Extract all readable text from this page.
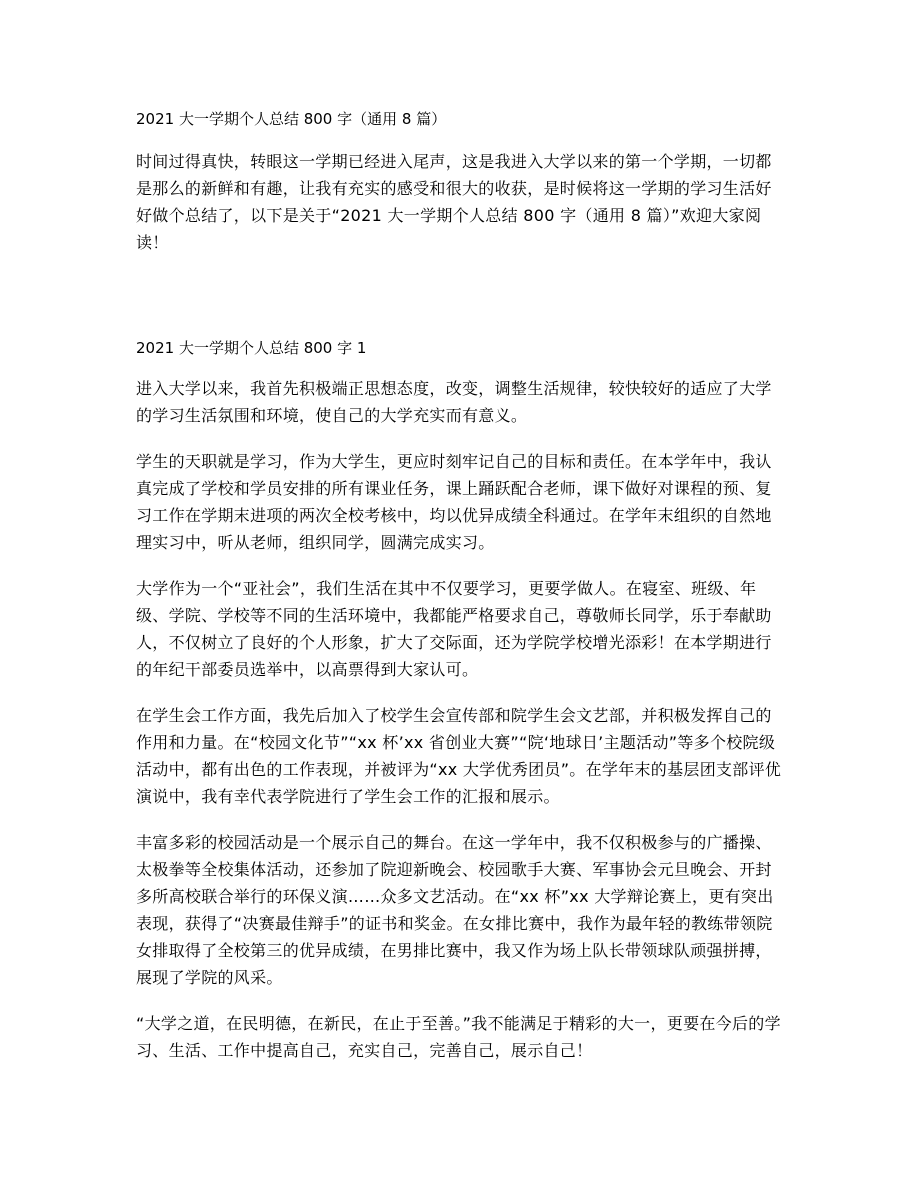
2021 大一学期个人总结 800 字（通用 8 篇）

时间过得真快，转眼这一学期已经进入尾声，这是我进入大学以来的第一个学期，一切都是那么的新鲜和有趣，让我有充实的感受和很大的收获，是时候将这一学期的学习生活好好做个总结了，以下是关于“2021 大一学期个人总结 800 字（通用 8 篇）”欢迎大家阅读！

2021 大一学期个人总结 800 字 1

进入大学以来，我首先积极端正思想态度，改变，调整生活规律，较快较好的适应了大学的学习生活氛围和环境，使自己的大学充实而有意义。

学生的天职就是学习，作为大学生，更应时刻牢记自己的目标和责任。在本学年中，我认真完成了学校和学员安排的所有课业任务，课上踊跃配合老师，课下做好对课程的预、复习工作在学期末进项的两次全校考核中，均以优异成绩全科通过。在学年末组织的自然地理实习中，听从老师，组织同学，圆满完成实习。

大学作为一个“亚社会”，我们生活在其中不仅要学习，更要学做人。在寝室、班级、年级、学院、学校等不同的生活环境中，我都能严格要求自己，尊敬师长同学，乐于奉献助人，不仅树立了良好的个人形象，扩大了交际面，还为学院学校增光添彩！在本学期进行的年纪干部委员选举中，以高票得到大家认可。

在学生会工作方面，我先后加入了校学生会宣传部和院学生会文艺部，并积极发挥自己的作用和力量。在“校园文化节”“xx 杯’xx 省创业大赛”“院‘地球日’主题活动”等多个校院级活动中，都有出色的工作表现，并被评为“xx 大学优秀团员”。在学年末的基层团支部评优演说中，我有幸代表学院进行了学生会工作的汇报和展示。

丰富多彩的校园活动是一个展示自己的舞台。在这一学年中，我不仅积极参与的广播操、太极拳等全校集体活动，还参加了院迎新晚会、校园歌手大赛、军事协会元旦晚会、开封多所高校联合举行的环保义演……众多文艺活动。在“xx 杯”xx 大学辩论赛上，更有突出表现，获得了“决赛最佳辩手”的证书和奖金。在女排比赛中，我作为最年轻的教练带领院女排取得了全校第三的优异成绩，在男排比赛中，我又作为场上队长带领球队顽强拼搏，展现了学院的风采。

“大学之道，在民明德，在新民，在止于至善。”我不能满足于精彩的大一，更要在今后的学习、生活、工作中提高自己，充实自己，完善自己，展示自己！
